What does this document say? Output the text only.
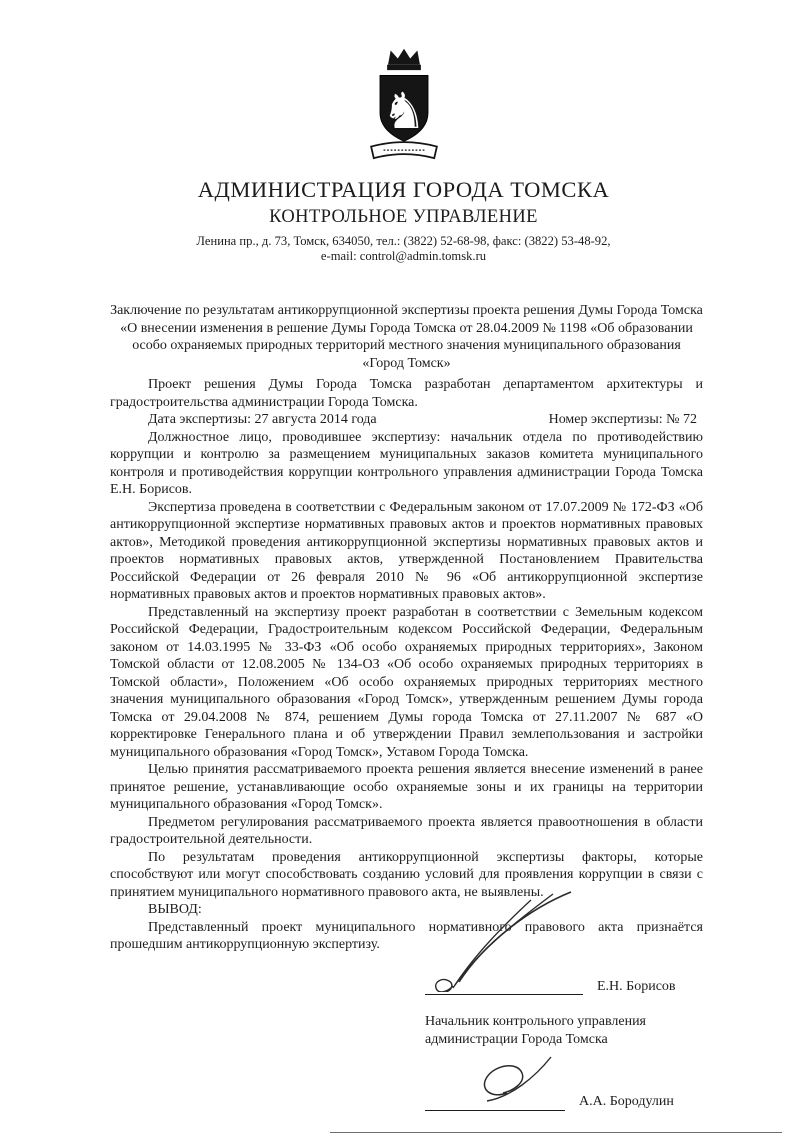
♞
АДМИНИСТРАЦИЯ ГОРОДА ТОМСКА
КОНТРОЛЬНОЕ УПРАВЛЕНИЕ
Ленина пр., д. 73, Томск, 634050, тел.: (3822) 52-68-98, факс: (3822) 53-48-92,
e-mail: control@admin.tomsk.ru
Заключение по результатам антикоррупционной экспертизы проекта решения Думы Города Томска «О внесении изменения в решение Думы Города Томска от 28.04.2009 № 1198 «Об образовании особо охраняемых природных территорий местного значения муниципального образования «Город Томск»

Проект решения Думы Города Томска разработан департаментом архитектуры и градостроительства администрации Города Томска.

Дата экспертизы: 27 августа 2014 года	Номер экспертизы: № 72

Должностное лицо, проводившее экспертизу: начальник отдела по противодействию коррупции и контролю за размещением муниципальных заказов комитета муниципального контроля и противодействия коррупции контрольного управления администрации Города Томска Е.Н. Борисов.

Экспертиза проведена в соответствии с Федеральным законом от 17.07.2009 № 172-ФЗ «Об антикоррупционной экспертизе нормативных правовых актов и проектов нормативных правовых актов», Методикой проведения антикоррупционной экспертизы нормативных правовых актов и проектов нормативных правовых актов, утвержденной Постановлением Правительства Российской Федерации от 26 февраля 2010 № 96 «Об антикоррупционной экспертизе нормативных правовых актов и проектов нормативных правовых актов».

Представленный на экспертизу проект разработан в соответствии с Земельным кодексом Российской Федерации, Градостроительным кодексом Российской Федерации, Федеральным законом от 14.03.1995 № 33-ФЗ «Об особо охраняемых природных территориях», Законом Томской области от 12.08.2005 № 134-ОЗ «Об особо охраняемых природных территориях в Томской области», Положением «Об особо охраняемых природных территориях местного значения муниципального образования «Город Томск», утвержденным решением Думы города Томска от 29.04.2008 № 874, решением Думы города Томска от 27.11.2007 № 687 «О корректировке Генерального плана и об утверждении Правил землепользования и застройки муниципального образования «Город Томск», Уставом Города Томска.

Целью принятия рассматриваемого проекта решения является внесение изменений в ранее принятое решение, устанавливающие особо охраняемые зоны и их границы на территории муниципального образования «Город Томск».

Предметом регулирования рассматриваемого проекта является правоотношения в области градостроительной деятельности.

По результатам проведения антикоррупционной экспертизы факторы, которые способствуют или могут способствовать созданию условий для проявления коррупции в связи с принятием муниципального нормативного правового акта, не выявлены.

ВЫВОД:

Представленный проект муниципального нормативного правового акта признаётся прошедшим антикоррупционную экспертизу.

Е.Н. Борисов
Начальник контрольного управления
администрации Города Томска
А.А. Бородулин
